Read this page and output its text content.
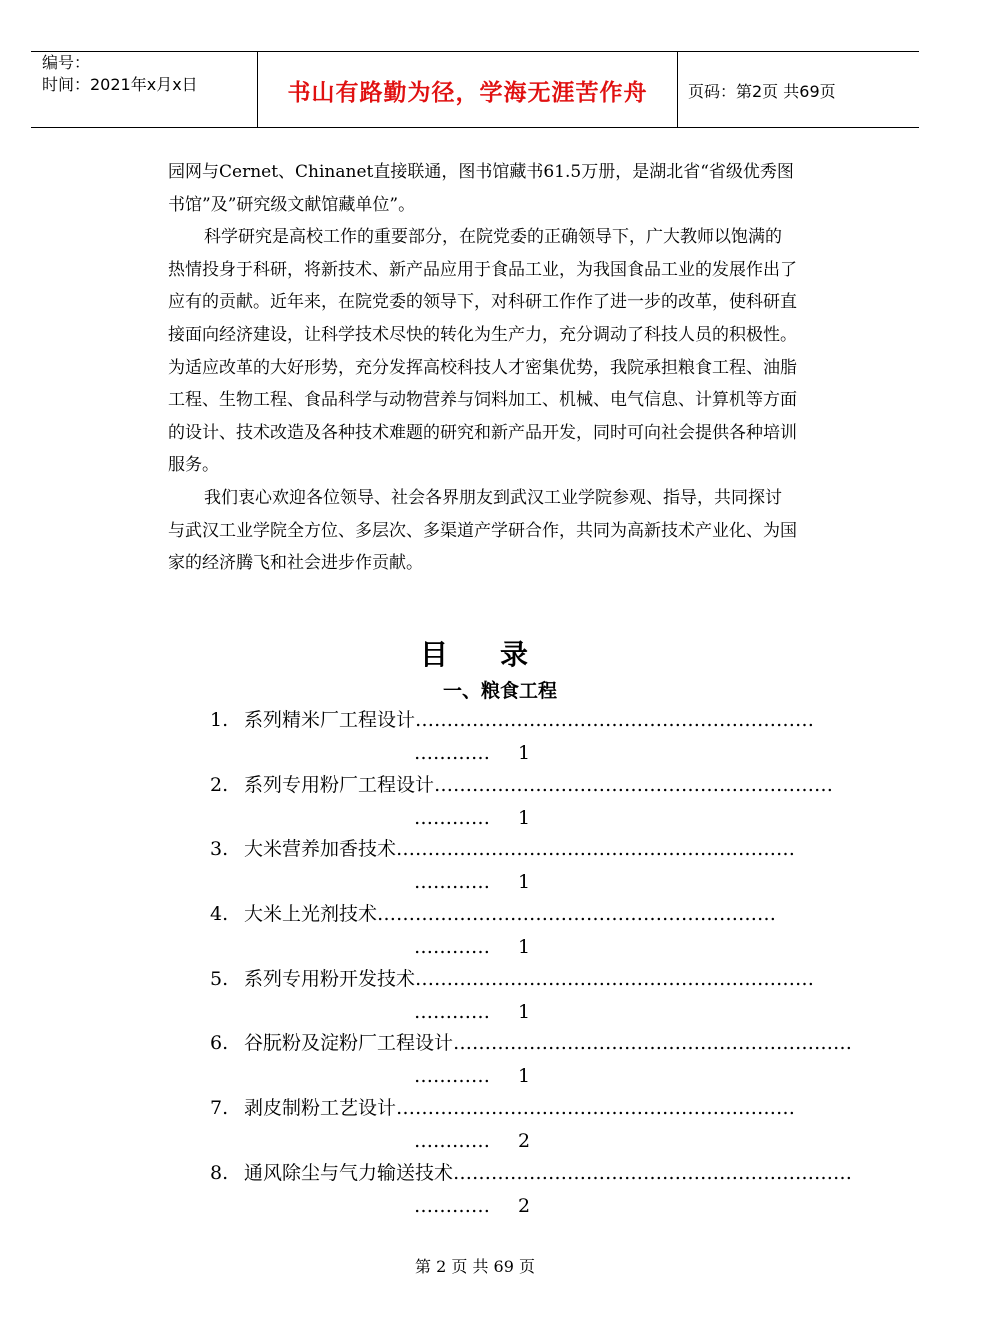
编号：
时间：2021年x月x日	书山有路勤为径，学海无涯苦作舟	页码：第2页 共69页

园网与Cernet、Chinanet直接联通，图书馆藏书61.5万册，是湖北省“省级优秀图书馆”及”研究级文献馆藏单位”。

科学研究是高校工作的重要部分，在院党委的正确领导下，广大教师以饱满的热情投身于科研，将新技术、新产品应用于食品工业，为我国食品工业的发展作出了应有的贡献。近年来，在院党委的领导下，对科研工作作了进一步的改革，使科研直接面向经济建设，让科学技术尽快的转化为生产力，充分调动了科技人员的积极性。为适应改革的大好形势，充分发挥高校科技人才密集优势，我院承担粮食工程、油脂工程、生物工程、食品科学与动物营养与饲料加工、机械、电气信息、计算机等方面的设计、技术改造及各种技术难题的研究和新产品开发，同时可向社会提供各种培训服务。

我们衷心欢迎各位领导、社会各界朋友到武汉工业学院参观、指导，共同探讨与武汉工业学院全方位、多层次、多渠道产学研合作，共同为高新技术产业化、为国家的经济腾飞和社会进步作贡献。

目录
一、粮食工程
1. 系列精米厂工程设计………………………………………………………
………… 1
2. 系列专用粉厂工程设计………………………………………………………
………… 1
3. 大米营养加香技术………………………………………………………
………… 1
4. 大米上光剂技术………………………………………………………
………… 1
5. 系列专用粉开发技术………………………………………………………
………… 1
6. 谷朊粉及淀粉厂工程设计………………………………………………………
………… 1
7. 剥皮制粉工艺设计………………………………………………………
………… 2
8. 通风除尘与气力输送技术………………………………………………………
………… 2
第 2 页 共 69 页
